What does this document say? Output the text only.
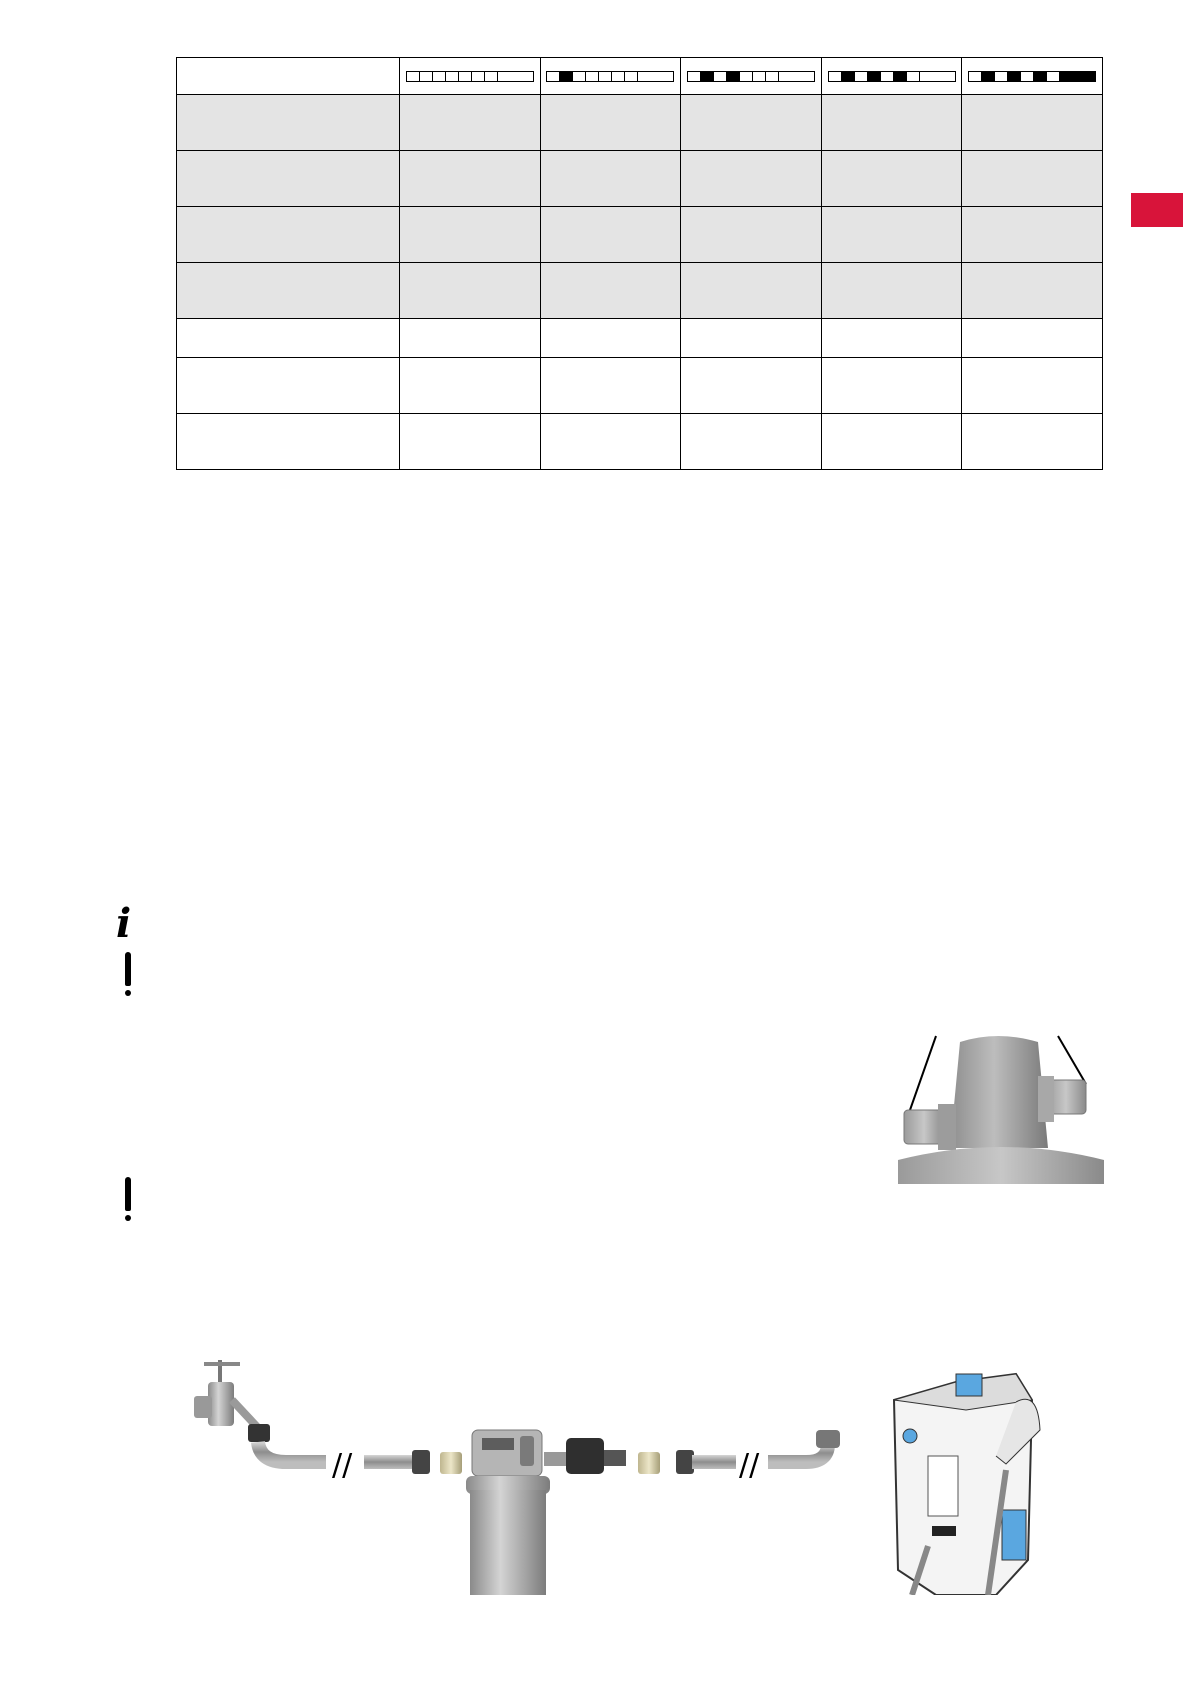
i
//	//
